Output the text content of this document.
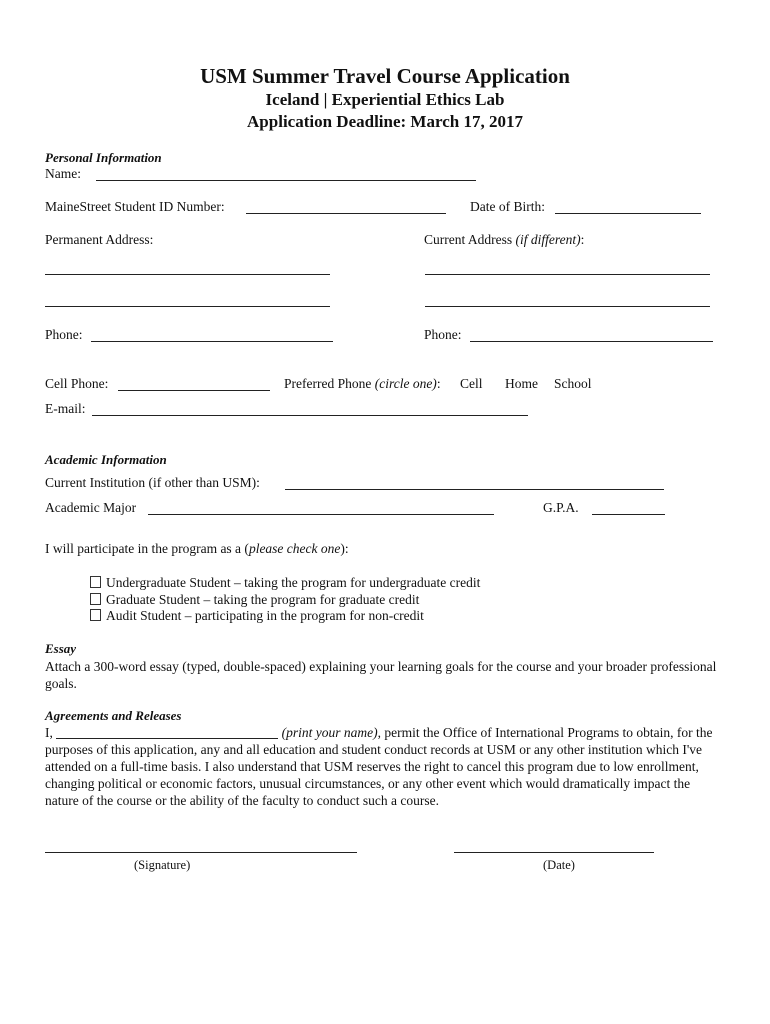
USM Summer Travel Course Application
Iceland | Experiential Ethics Lab
Application Deadline: March 17, 2017
Personal Information
Name:
MaineStreet Student ID Number:	Date of Birth:
Permanent Address:	Current Address (if different):
Phone:	Phone:
Cell Phone:	Preferred Phone (circle one): Cell Home School
E-mail:
Academic Information
Current Institution (if other than USM):
Academic Major	G.P.A.
I will participate in the program as a (please check one):
Undergraduate Student – taking the program for undergraduate credit
Graduate Student – taking the program for graduate credit
Audit Student – participating in the program for non-credit
Essay
Attach a 300-word essay (typed, double-spaced) explaining your learning goals for the course and your broader professional goals.
Agreements and Releases
I,	(print your name), permit the Office of International Programs to obtain, for the purposes of this application, any and all education and student conduct records at USM or any other institution which I've attended on a full-time basis. I also understand that USM reserves the right to cancel this program due to low enrollment, changing political or economic factors, unusual circumstances, or any other event which would dramatically impact the nature of the course or the ability of the faculty to conduct such a course.
(Signature)	(Date)
